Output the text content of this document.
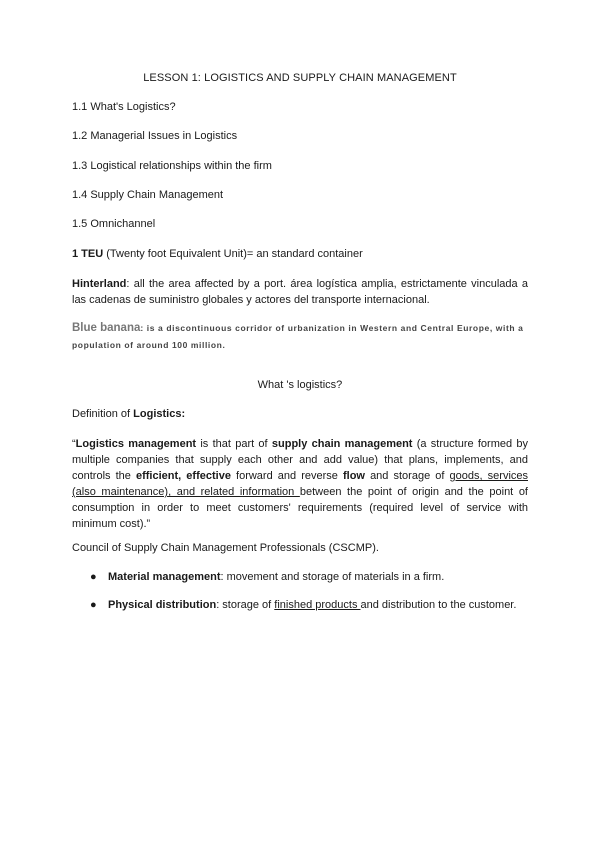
LESSON 1: LOGISTICS AND SUPPLY CHAIN MANAGEMENT
1.1 What's Logistics?
1.2 Managerial Issues in Logistics
1.3 Logistical relationships within the firm
1.4 Supply Chain Management
1.5 Omnichannel
1 TEU (Twenty foot Equivalent Unit)= an standard container
Hinterland: all the area affected by a port. área logística amplia, estrictamente vinculada a las cadenas de suministro globales y actores del transporte internacional.
Blue banana: is a discontinuous corridor of urbanization in Western and Central Europe, with a population of around 100 million.
What 's logistics?
Definition of Logistics:
“Logistics management is that part of supply chain management (a structure formed by multiple companies that supply each other and add value) that plans, implements, and controls the efficient, effective forward and reverse flow and storage of goods, services (also maintenance), and related information between the point of origin and the point of consumption in order to meet customers' requirements (required level of service with minimum cost).”
Council of Supply Chain Management Professionals (CSCMP).
● Material management: movement and storage of materials in a firm.
● Physical distribution: storage of finished products and distribution to the customer.
